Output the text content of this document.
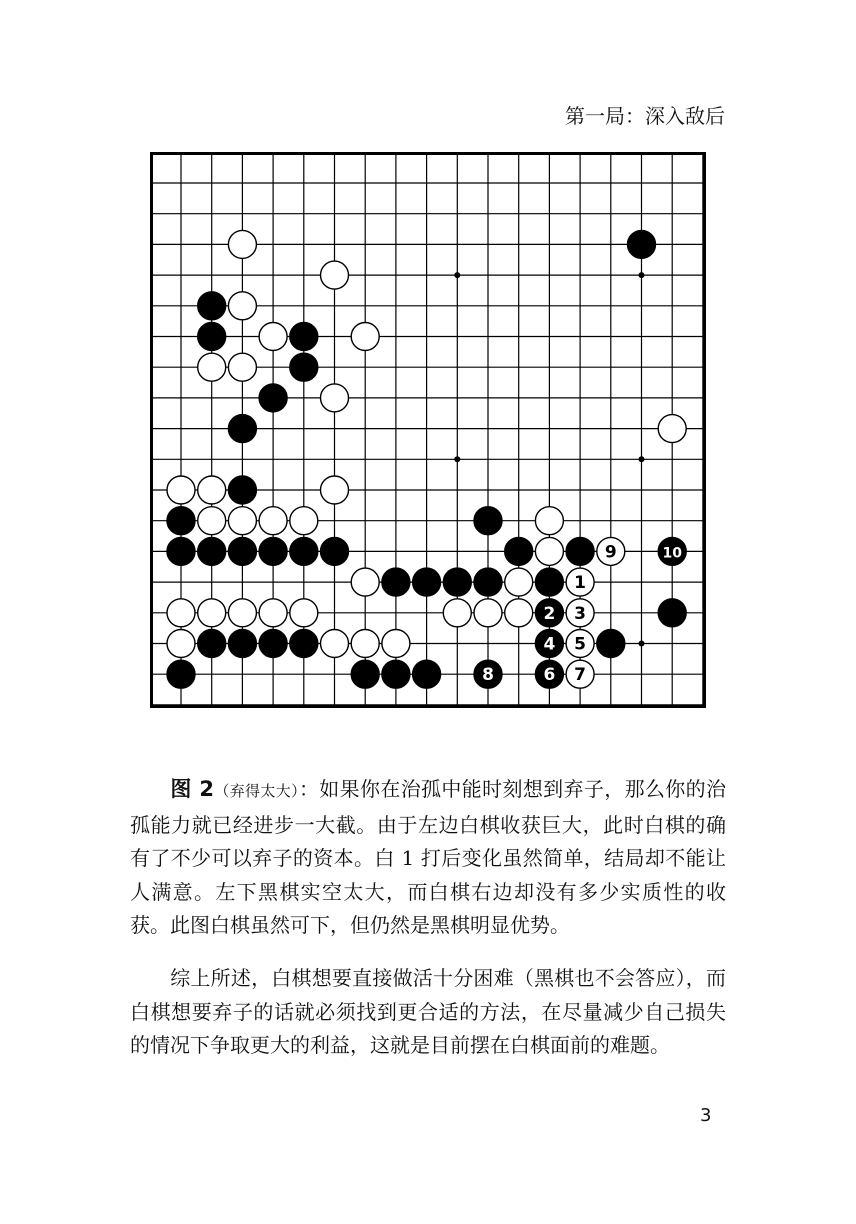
第一局：深入敌后
9	10
1
2 3
4 5
8	6 7
图 2（弃得太大）：如果你在治孤中能时刻想到弃子，那么你的治孤能力就已经进步一大截。由于左边白棋收获巨大，此时白棋的确有了不少可以弃子的资本。白 1 打后变化虽然简单，结局却不能让人满意。左下黑棋实空太大，而白棋右边却没有多少实质性的收获。此图白棋虽然可下，但仍然是黑棋明显优势。
综上所述，白棋想要直接做活十分困难（黑棋也不会答应），而白棋想要弃子的话就必须找到更合适的方法，在尽量减少自己损失的情况下争取更大的利益，这就是目前摆在白棋面前的难题。
3
